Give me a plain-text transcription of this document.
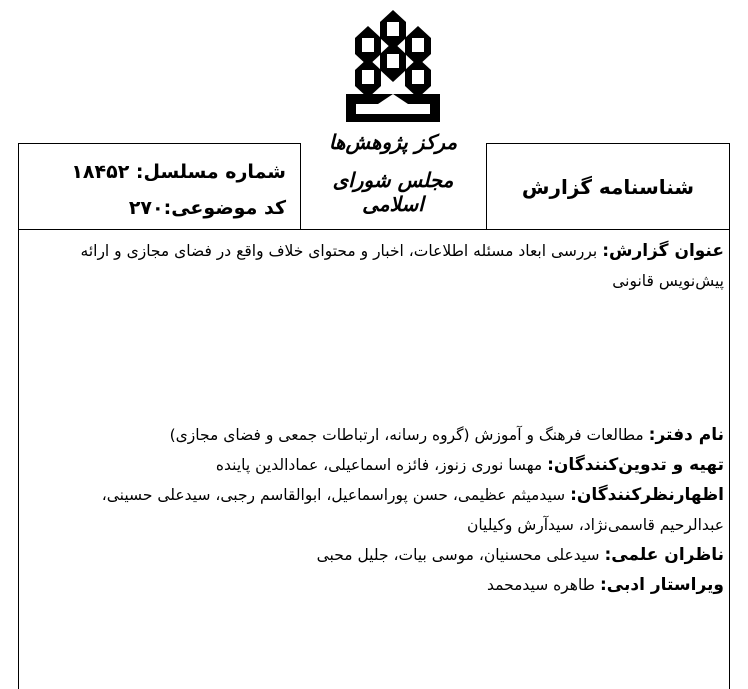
مرکز پژوهش‌ها
مجلس شورای اسلامی
شماره مسلسل: ۱۸۴۵۲
کد موضوعی:۲۷۰
شناسنامه گزارش
عنوان گزارش: بررسی ابعاد مسئله اطلاعات، اخبار و محتوای خلاف واقع در فضای مجازی و ارائه پیش‌نویس قانونی
نام دفتر: مطالعات فرهنگ و آموزش (گروه رسانه، ارتباطات جمعی و فضای مجازی)
تهیه و تدوین‌کنندگان: مهسا نوری زنوز، فائزه اسماعیلی، عمادالدین پاینده
اظهارنظرکنندگان: سیدمیثم عظیمی، حسن پوراسماعیل، ابوالقاسم رجبی، سیدعلی حسینی، عبدالرحیم قاسمی‌نژاد، سیدآرش وکیلیان
ناظران علمی: سیدعلی محسنیان، موسی بیات، جلیل محبی
ویراستار ادبی: طاهره سیدمحمد
